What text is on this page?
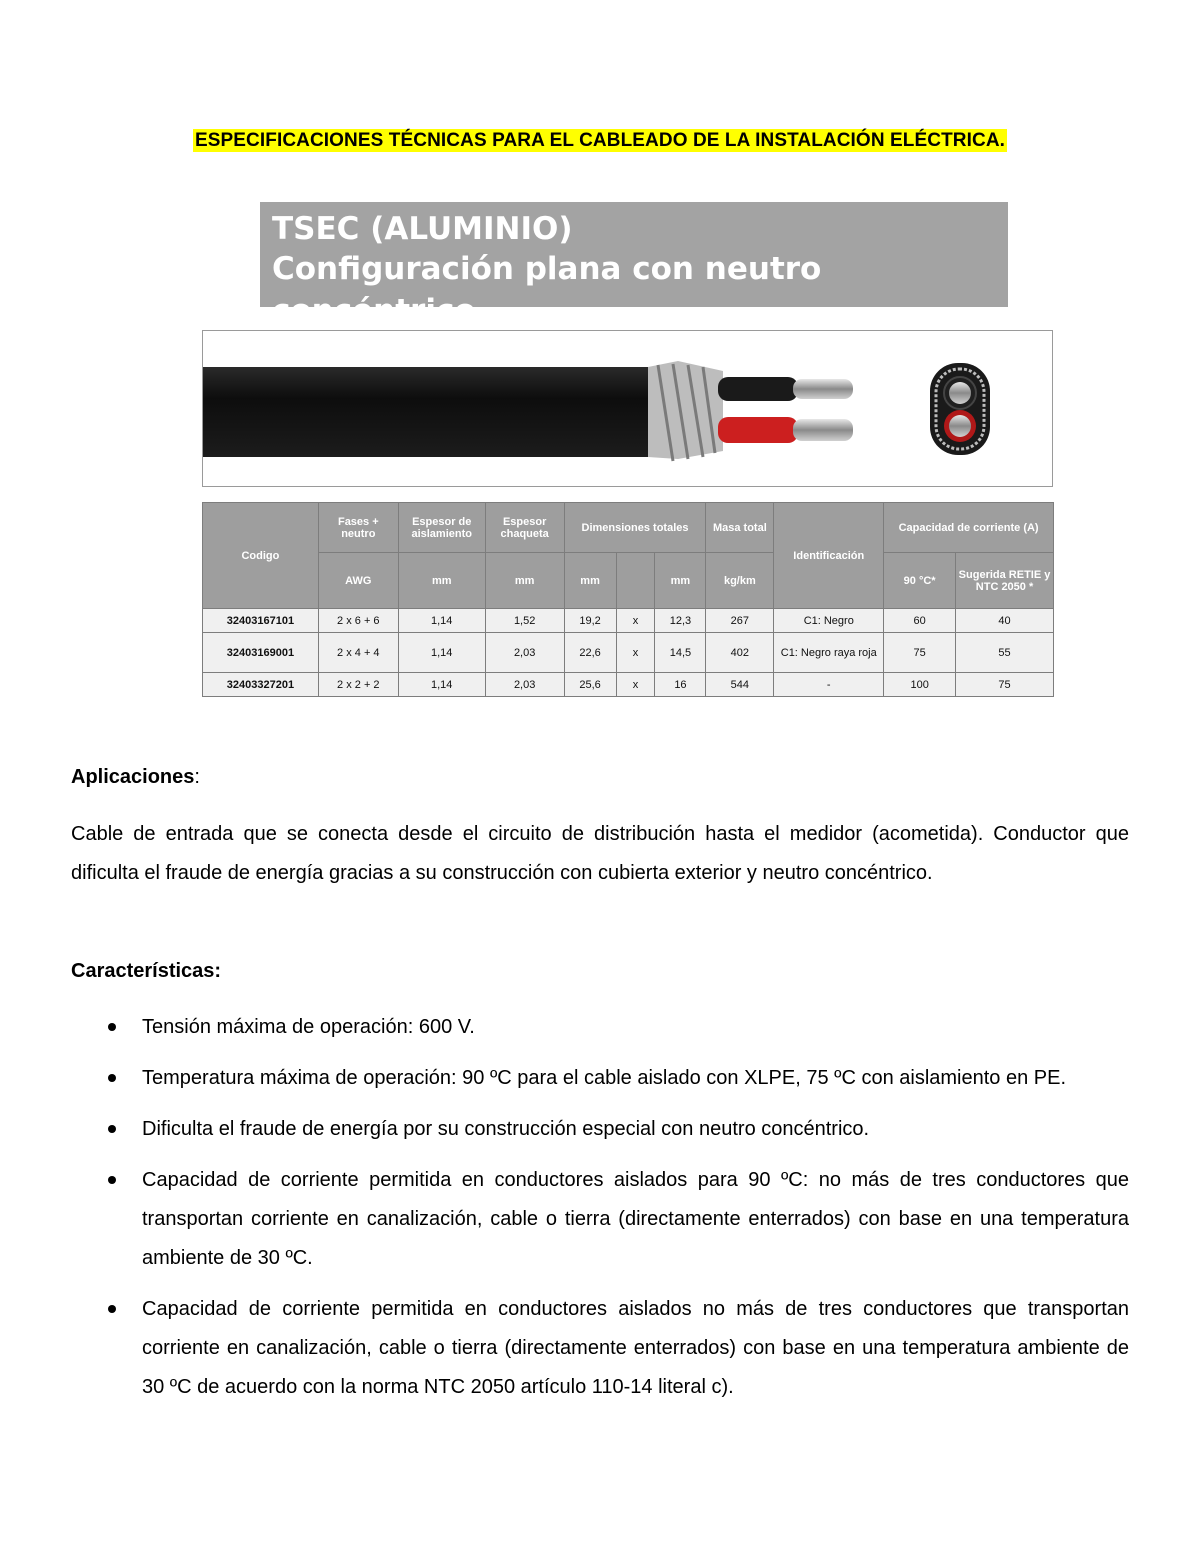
ESPECIFICACIONES TÉCNICAS PARA EL CABLEADO DE LA INSTALACIÓN ELÉCTRICA.
TSEC (ALUMINIO)
Configuración plana con neutro concéntrico
Codigo	Fases + neutro	Espesor de aislamiento	Espesor chaqueta	Dimensiones totales			Masa total	Identificación	Capacidad de corriente (A)	
	AWG	mm	mm	mm		mm	kg/km		90 °C*	Sugerida RETIE y NTC 2050 *
32403167101	2 x 6 + 6	1,14	1,52	19,2	x	12,3	267	C1: Negro	60	40
32403169001	2 x 4 + 4	1,14	2,03	22,6	x	14,5	402	C1: Negro raya roja	75	55
32403327201	2 x 2 + 2	1,14	2,03	25,6	x	16	544	-	100	75
Aplicaciones:
Cable de entrada que se conecta desde el circuito de distribución hasta el medidor (acometida). Conductor que dificulta el fraude de energía gracias a su construcción con cubierta exterior y neutro concéntrico.
Características:
Tensión máxima de operación: 600 V.
Temperatura máxima de operación: 90 ºC para el cable aislado con XLPE, 75 ºC con aislamiento en PE.
Dificulta el fraude de energía por su construcción especial con neutro concéntrico.
Capacidad de corriente permitida en conductores aislados para 90 ºC: no más de tres conductores que transportan corriente en canalización, cable o tierra (directamente enterrados) con base en una temperatura ambiente de 30 ºC.
Capacidad de corriente permitida en conductores aislados no más de tres conductores que transportan corriente en canalización, cable o tierra (directamente enterrados) con base en una temperatura ambiente de 30 ºC de acuerdo con la norma NTC 2050 artículo 110-14 literal c).
